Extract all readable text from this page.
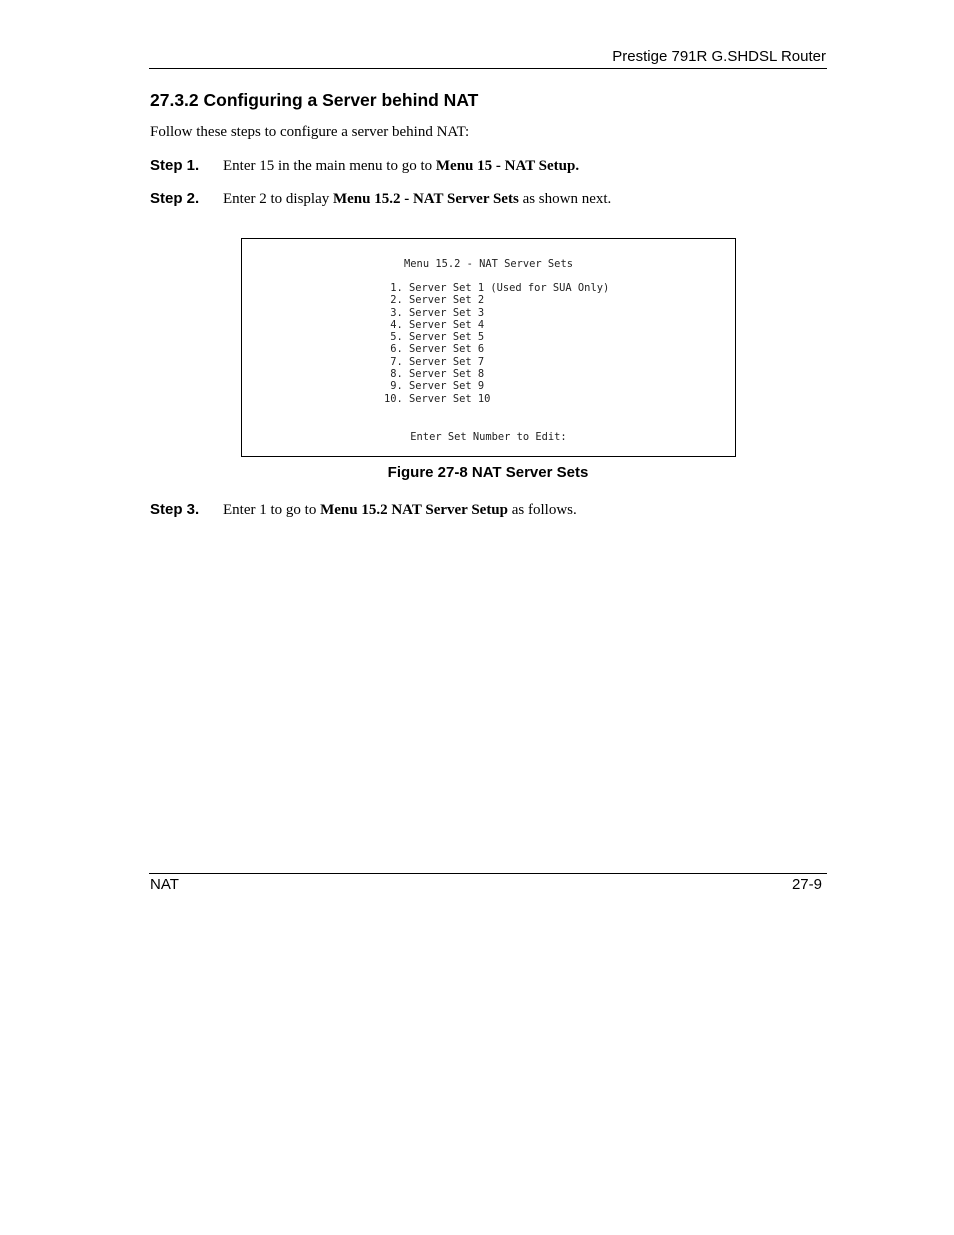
Prestige 791R G.SHDSL Router
27.3.2 Configuring a Server behind NAT
Follow these steps to configure a server behind NAT:
Step 1. Enter 15 in the main menu to go to Menu 15 - NAT Setup.
Step 2. Enter 2 to display Menu 15.2 - NAT Server Sets as shown next.
Menu 15.2 - NAT Server Sets
1. Server Set 1 (Used for SUA Only)
2. Server Set 2
3. Server Set 3
4. Server Set 4
5. Server Set 5
6. Server Set 6
7. Server Set 7
8. Server Set 8
9. Server Set 9
10. Server Set 10
Enter Set Number to Edit:
Figure 27-8 NAT Server Sets
Step 3. Enter 1 to go to Menu 15.2 NAT Server Setup as follows.
NAT	27-9
